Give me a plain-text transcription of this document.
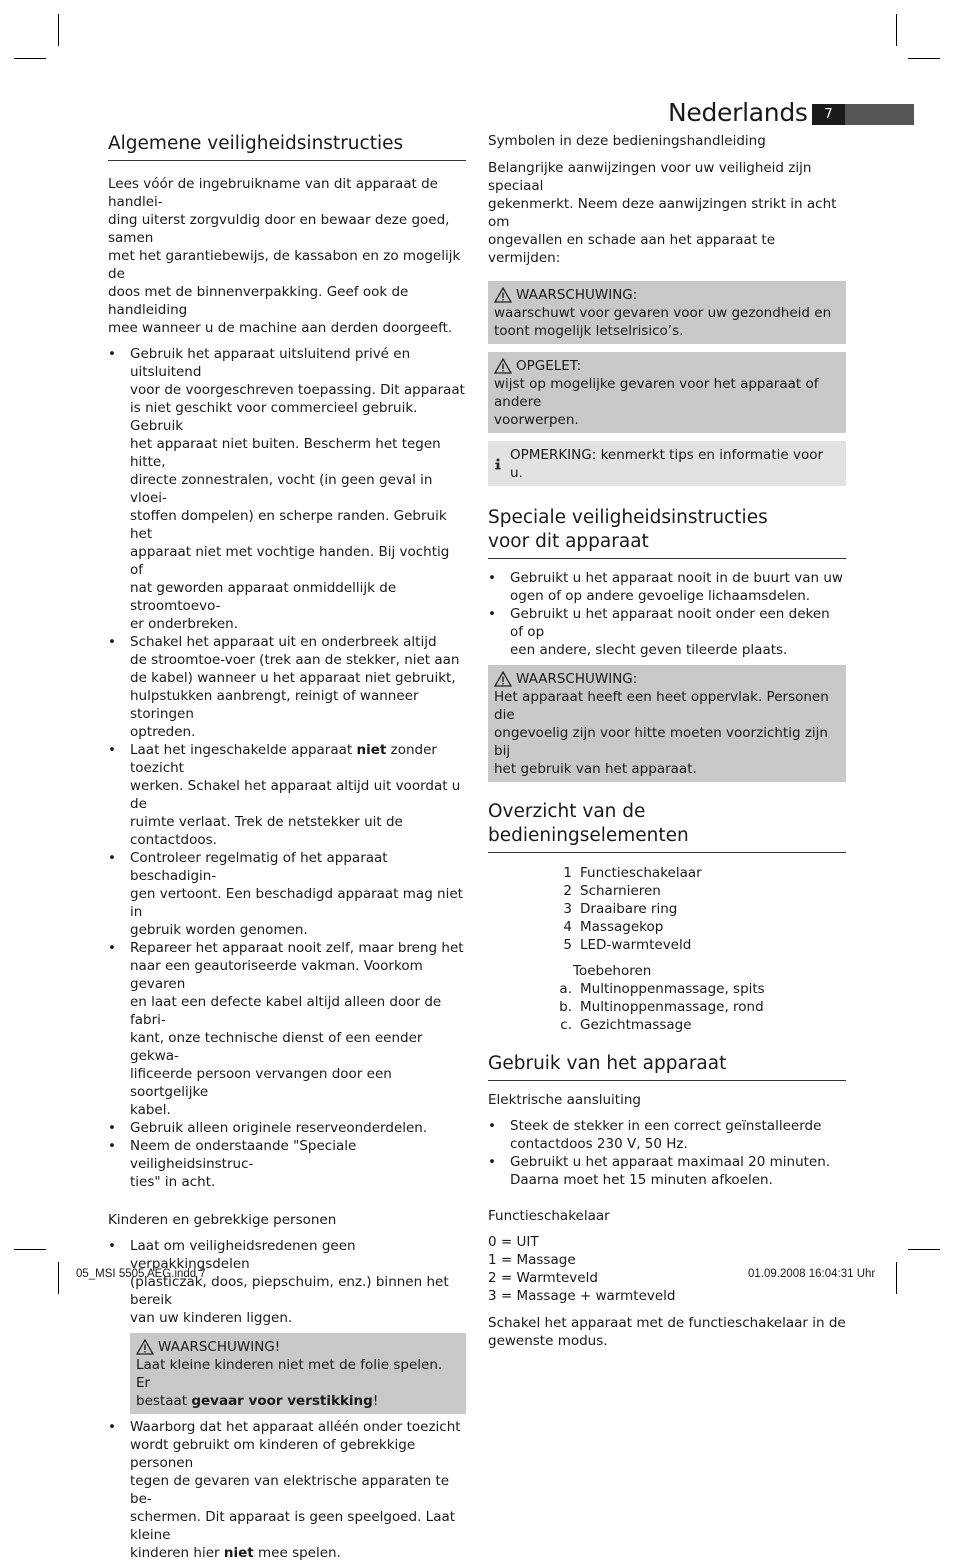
Nederlands	7
Algemene veiligheidsinstructies

Lees vóór de ingebruikname van dit apparaat de handlei-
ding uiterst zorgvuldig door en bewaar deze goed, samen
met het garantiebewijs, de kassabon en zo mogelijk de
doos met de binnenverpakking. Geef ook de handleiding
mee wanneer u de machine aan derden doorgeeft.

• Gebruik het apparaat uitsluitend privé en uitsluitend
voor de voorgeschreven toepassing. Dit apparaat
is niet geschikt voor commercieel gebruik. Gebruik
het apparaat niet buiten. Bescherm het tegen hitte,
directe zonnestralen, vocht (in geen geval in vloei-
stoffen dompelen) en scherpe randen. Gebruik het
apparaat niet met vochtige handen. Bij vochtig of
nat geworden apparaat onmiddellijk de stroomtoevo-
er onderbreken.
• Schakel het apparaat uit en onderbreek altijd
de stroomtoe-voer (trek aan de stekker, niet aan
de kabel) wanneer u het apparaat niet gebruikt,
hulpstukken aanbrengt, reinigt of wanneer storingen
optreden.
• Laat het ingeschakelde apparaat niet zonder toezicht
werken. Schakel het apparaat altijd uit voordat u de
ruimte verlaat. Trek de netstekker uit de contactdoos.
• Controleer regelmatig of het apparaat beschadigin-
gen vertoont. Een beschadigd apparaat mag niet in
gebruik worden genomen.
• Repareer het apparaat nooit zelf, maar breng het
naar een geautoriseerde vakman. Voorkom gevaren
en laat een defecte kabel altijd alleen door de fabri-
kant, onze technische dienst of een eender gekwa-
lificeerde persoon vervangen door een soortgelijke
kabel.
• Gebruik alleen originele reserveonderdelen.
• Neem de onderstaande "Speciale veiligheidsinstruc-
ties" in acht.
Kinderen en gebrekkige personen
• Laat om veiligheidsredenen geen verpakkingsdelen
(plasticzak, doos, piepschuim, enz.) binnen het bereik
van uw kinderen liggen.
WAARSCHUWING!
Laat kleine kinderen niet met de folie spelen. Er
bestaat gevaar voor verstikking!
• Waarborg dat het apparaat alléén onder toezicht
wordt gebruikt om kinderen of gebrekkige personen
tegen de gevaren van elektrische apparaten te be-
schermen. Dit apparaat is geen speelgoed. Laat kleine
kinderen hier niet mee spelen.
Symbolen in deze bedieningshandleiding

Belangrijke aanwijzingen voor uw veiligheid zijn speciaal
gekenmerkt. Neem deze aanwijzingen strikt in acht om
ongevallen en schade aan het apparaat te vermijden:

WAARSCHUWING:
waarschuwt voor gevaren voor uw gezondheid en
toont mogelijk letselrisico’s.
OPGELET:
wijst op mogelijke gevaren voor het apparaat of andere
voorwerpen.
OPMERKING: kenmerkt tips en informatie voor u.
Speciale veiligheidsinstructies
voor dit apparaat
• Gebruikt u het apparaat nooit in de buurt van uw
ogen of op andere gevoelige lichaamsdelen.
• Gebruikt u het apparaat nooit onder een deken of op
een andere, slecht geven tileerde plaats.
WAARSCHUWING:
Het apparaat heeft een heet oppervlak. Personen die
ongevoelig zijn voor hitte moeten voorzichtig zijn bij
het gebruik van het apparaat.
Overzicht van de bedieningselementen
1 Functieschakelaar
2 Scharnieren
3 Draaibare ring
4 Massagekop
5 LED-warmteveld
Toebehoren
a. Multinoppenmassage, spits
b. Multinoppenmassage, rond
c. Gezichtmassage
Gebruik van het apparaat
Elektrische aansluiting
• Steek de stekker in een correct geïnstalleerde
contactdoos 230 V, 50 Hz.
• Gebruikt u het apparaat maximaal 20 minuten.
Daarna moet het 15 minuten afkoelen.
Functieschakelaar
0 = UIT
1 = Massage
2 = Warmteveld
3 = Massage + warmteveld

Schakel het apparaat met de functieschakelaar in de
gewenste modus.

05_MSI 5505 AEG.indd 7	01.09.2008 16:04:31 Uhr
